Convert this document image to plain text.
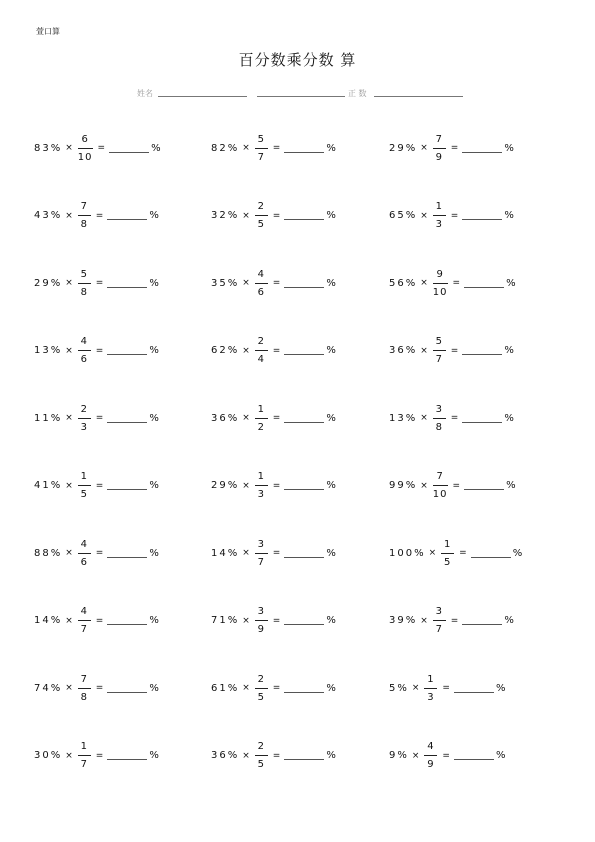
萱口算
百分数乘分数 算
姓名	正 数
$83\% \times \frac{6}{10}$ =	%	$82\% \times \frac{5}{7}$ =	%	$29\% \times \frac{7}{9}$ =	%
$43\% \times \frac{7}{8}$ =	%	$32\% \times \frac{2}{5}$ =	%	$65\% \times \frac{1}{3}$ =	%
$29\% \times \frac{5}{8}$ =	%	$35\% \times \frac{4}{6}$ =	%	$56\% \times \frac{9}{10}$ =	%
$13\% \times \frac{4}{6}$ =	%	$62\% \times \frac{2}{4}$ =	%	$36\% \times \frac{5}{7}$ =	%
$11\% \times \frac{2}{3}$ =	%	$36\% \times \frac{1}{2}$ =	%	$13\% \times \frac{3}{8}$ =	%
$41\% \times \frac{1}{5}$ =	%	$29\% \times \frac{1}{3}$ =	%	$99\% \times \frac{7}{10}$ =	%
$88\% \times \frac{4}{6}$ =	%	$14\% \times \frac{3}{7}$ =	%	$100\% \times \frac{1}{5}$ =	%
$14\% \times \frac{4}{7}$ =	%	$71\% \times \frac{3}{9}$ =	%	$39\% \times \frac{3}{7}$ =	%
$74\% \times \frac{7}{8}$ =	%	$61\% \times \frac{2}{5}$ =	%	$5\% \times \frac{1}{3}$ =	%
$30\% \times \frac{1}{7}$ =	%	$36\% \times \frac{2}{5}$ =	%	$9\% \times \frac{4}{9}$ =	%
